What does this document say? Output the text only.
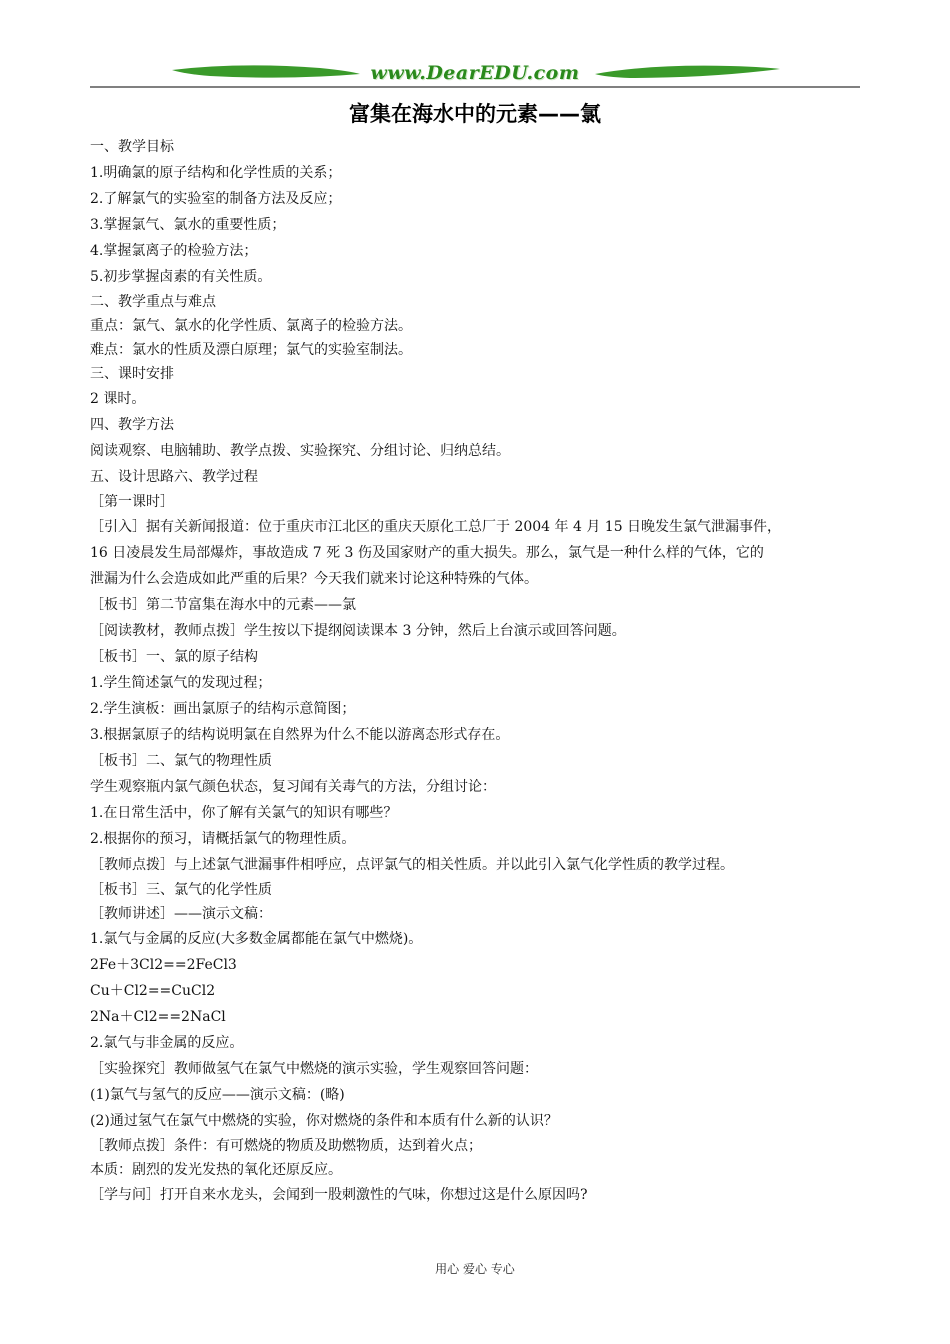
www.DearEDU.com
富集在海水中的元素——氯
一、教学目标
1.明确氯的原子结构和化学性质的关系；
2.了解氯气的实验室的制备方法及反应；
3.掌握氯气、氯水的重要性质；
4.掌握氯离子的检验方法；
5.初步掌握卤素的有关性质。
二、教学重点与难点
重点：氯气、氯水的化学性质、氯离子的检验方法。
难点：氯水的性质及漂白原理；氯气的实验室制法。
三、课时安排
2 课时。
四、教学方法
阅读观察、电脑辅助、教学点拨、实验探究、分组讨论、归纳总结。
五、设计思路六、教学过程
［第一课时］
［引入］据有关新闻报道：位于重庆市江北区的重庆天原化工总厂于 2004 年 4 月 15 日晚发生氯气泄漏事件，
16 日凌晨发生局部爆炸，事故造成 7 死 3 伤及国家财产的重大损失。那么，氯气是一种什么样的气体，它的
泄漏为什么会造成如此严重的后果？今天我们就来讨论这种特殊的气体。
［板书］第二节富集在海水中的元素——氯
［阅读教材，教师点拨］学生按以下提纲阅读课本 3 分钟，然后上台演示或回答问题。
［板书］一、氯的原子结构
1.学生简述氯气的发现过程；
2.学生演板：画出氯原子的结构示意简图；
3.根据氯原子的结构说明氯在自然界为什么不能以游离态形式存在。
［板书］二、氯气的物理性质
学生观察瓶内氯气颜色状态，复习闻有关毒气的方法，分组讨论：
1.在日常生活中，你了解有关氯气的知识有哪些？
2.根据你的预习，请概括氯气的物理性质。
［教师点拨］与上述氯气泄漏事件相呼应，点评氯气的相关性质。并以此引入氯气化学性质的教学过程。
［板书］三、氯气的化学性质
［教师讲述］——演示文稿：
1.氯气与金属的反应(大多数金属都能在氯气中燃烧)。
2Fe＋3Cl2==2FeCl3
Cu＋Cl2==CuCl2
2Na＋Cl2==2NaCl
2.氯气与非金属的反应。
［实验探究］教师做氢气在氯气中燃烧的演示实验，学生观察回答问题：
(1)氯气与氢气的反应——演示文稿：(略)
(2)通过氢气在氯气中燃烧的实验，你对燃烧的条件和本质有什么新的认识？
［教师点拨］条件：有可燃烧的物质及助燃物质，达到着火点；
本质：剧烈的发光发热的氧化还原反应。
［学与问］打开自来水龙头，会闻到一股刺激性的气味，你想过这是什么原因吗?
用心 爱心 专心
